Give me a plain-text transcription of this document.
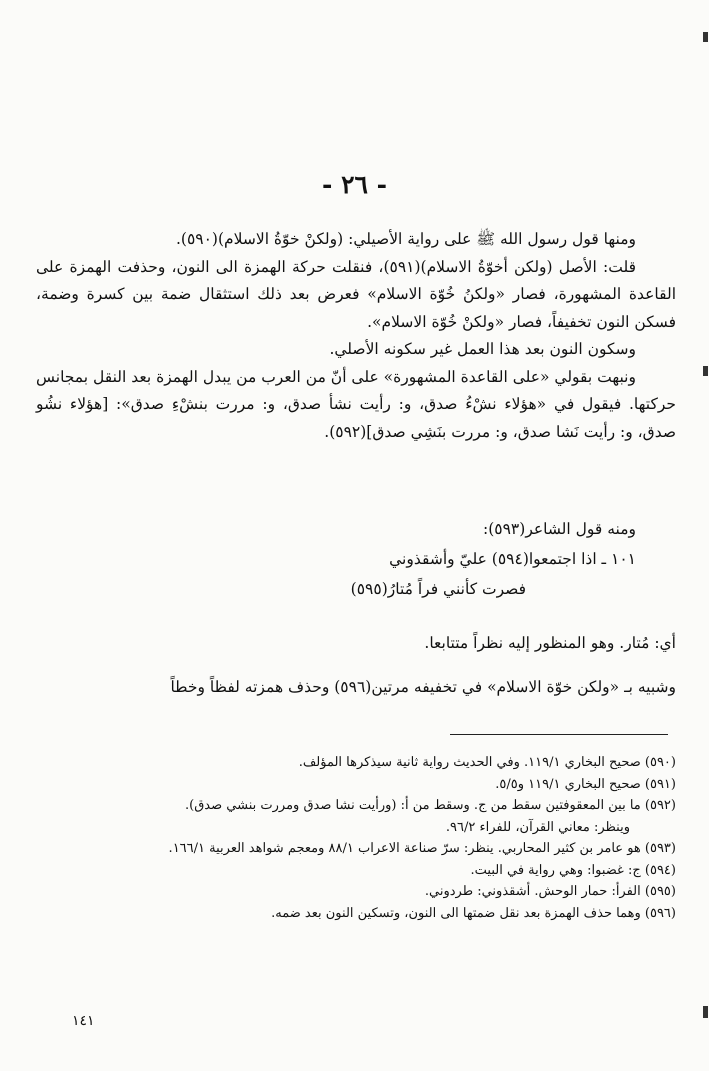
- ٢٦ -

ومنها قول رسول الله ﷺ على رواية الأصيلي: (ولكنْ خوّةُ الاسلام)(٥٩٠).

قلت: الأصل (ولكن أخوّةُ الاسلام)(٥٩١)، فنقلت حركة الهمزة الى النون، وحذفت الهمزة على القاعدة المشهورة، فصار «ولكنُ خُوّة الاسلام» فعرض بعد ذلك استثقال ضمة بين كسرة وضمة، فسكن النون تخفيفاً، فصار «ولكنْ خُوّة الاسلام».

وسكون النون بعد هذا العمل غير سكونه الأصلي.

ونبهت بقولي «على القاعدة المشهورة» على أنّ من العرب من يبدل الهمزة بعد النقل بمجانس حركتها. فيقول في «هؤلاء نشْءُ صدق، و: رأيت نشأ صدق، و: مررت بنشْءِ صدق»: [هؤلاء نشُو صدق، و: رأيت نَشا صدق، و: مررت بنَشِي صدق](٥٩٢).

ومنه قول الشاعر(٥٩٣):
١٠١ ـ اذا اجتمعوا(٥٩٤) عليّ وأشقذوني
فصرت كأنني فراً مُتارُ(٥٩٥)
أي: مُتار. وهو المنظور إليه نظراً متتابعا.
وشبيه بـ «ولكن خوّة الاسلام» في تخفيفه مرتين(٥٩٦) وحذف همزته لفظاً وخطاً

(٥٩٠) صحيح البخاري ١١٩/١. وفي الحديث رواية ثانية سيذكرها المؤلف.

(٥٩١) صحيح البخاري ١١٩/١ و٥/٥.

(٥٩٢) ما بين المعقوفتين سقط من ج. وسقط من أ: (ورأيت نشا صدق ومررت بنشي صدق).

وينظر: معاني القرآن، للفراء ٩٦/٢.

(٥٩٣) هو عامر بن كثير المحاربي. ينظر: سرّ صناعة الاعراب ٨٨/١ ومعجم شواهد العربية ١٦٦/١.

(٥٩٤) ج: غضبوا: وهي رواية في البيت.

(٥٩٥) الفرأ: حمار الوحش. أشقذوني: طردوني.

(٥٩٦) وهما حذف الهمزة بعد نقل ضمتها الى النون، وتسكين النون بعد ضمه.

١٤١
